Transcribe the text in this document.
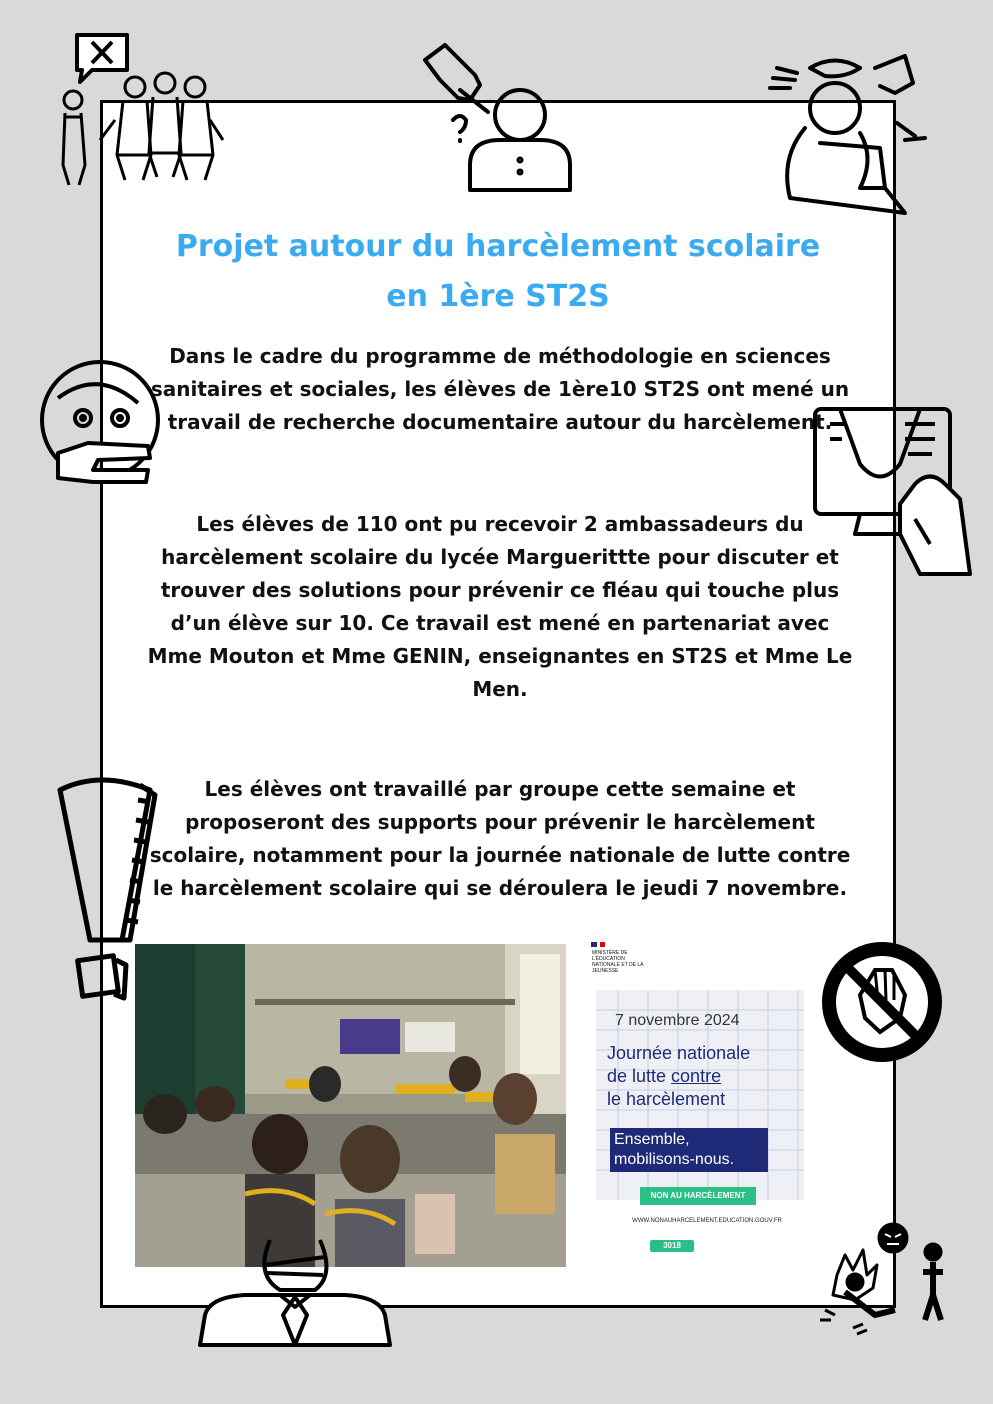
Projet autour du harcèlement scolaire
en 1ère ST2S

Dans le cadre du programme de méthodologie en sciences sanitaires et sociales, les élèves de 1ère10 ST2S ont mené un travail de recherche documentaire autour du harcèlement.

Les élèves de 110 ont pu recevoir 2 ambassadeurs du harcèlement scolaire du lycée Marguerittte pour discuter et trouver des solutions pour prévenir ce fléau qui touche plus d’un élève sur 10. Ce travail est mené en partenariat avec Mme Mouton et Mme GENIN, enseignantes en ST2S et Mme Le Men.

Les élèves ont travaillé par groupe cette semaine et proposeront des supports pour prévenir le harcèlement scolaire, notamment pour la journée nationale de lutte contre le harcèlement scolaire qui se déroulera le jeudi 7 novembre.

MINISTÈRE DE L'ÉDUCATION NATIONALE ET DE LA JEUNESSE
7 novembre 2024

Journée nationale
de lutte contre
le harcèlement

Ensemble, mobilisons-nous.
NON AU HARCÈLEMENT
WWW.NONAUHARCELEMENT.EDUCATION.GOUV.FR
3018
